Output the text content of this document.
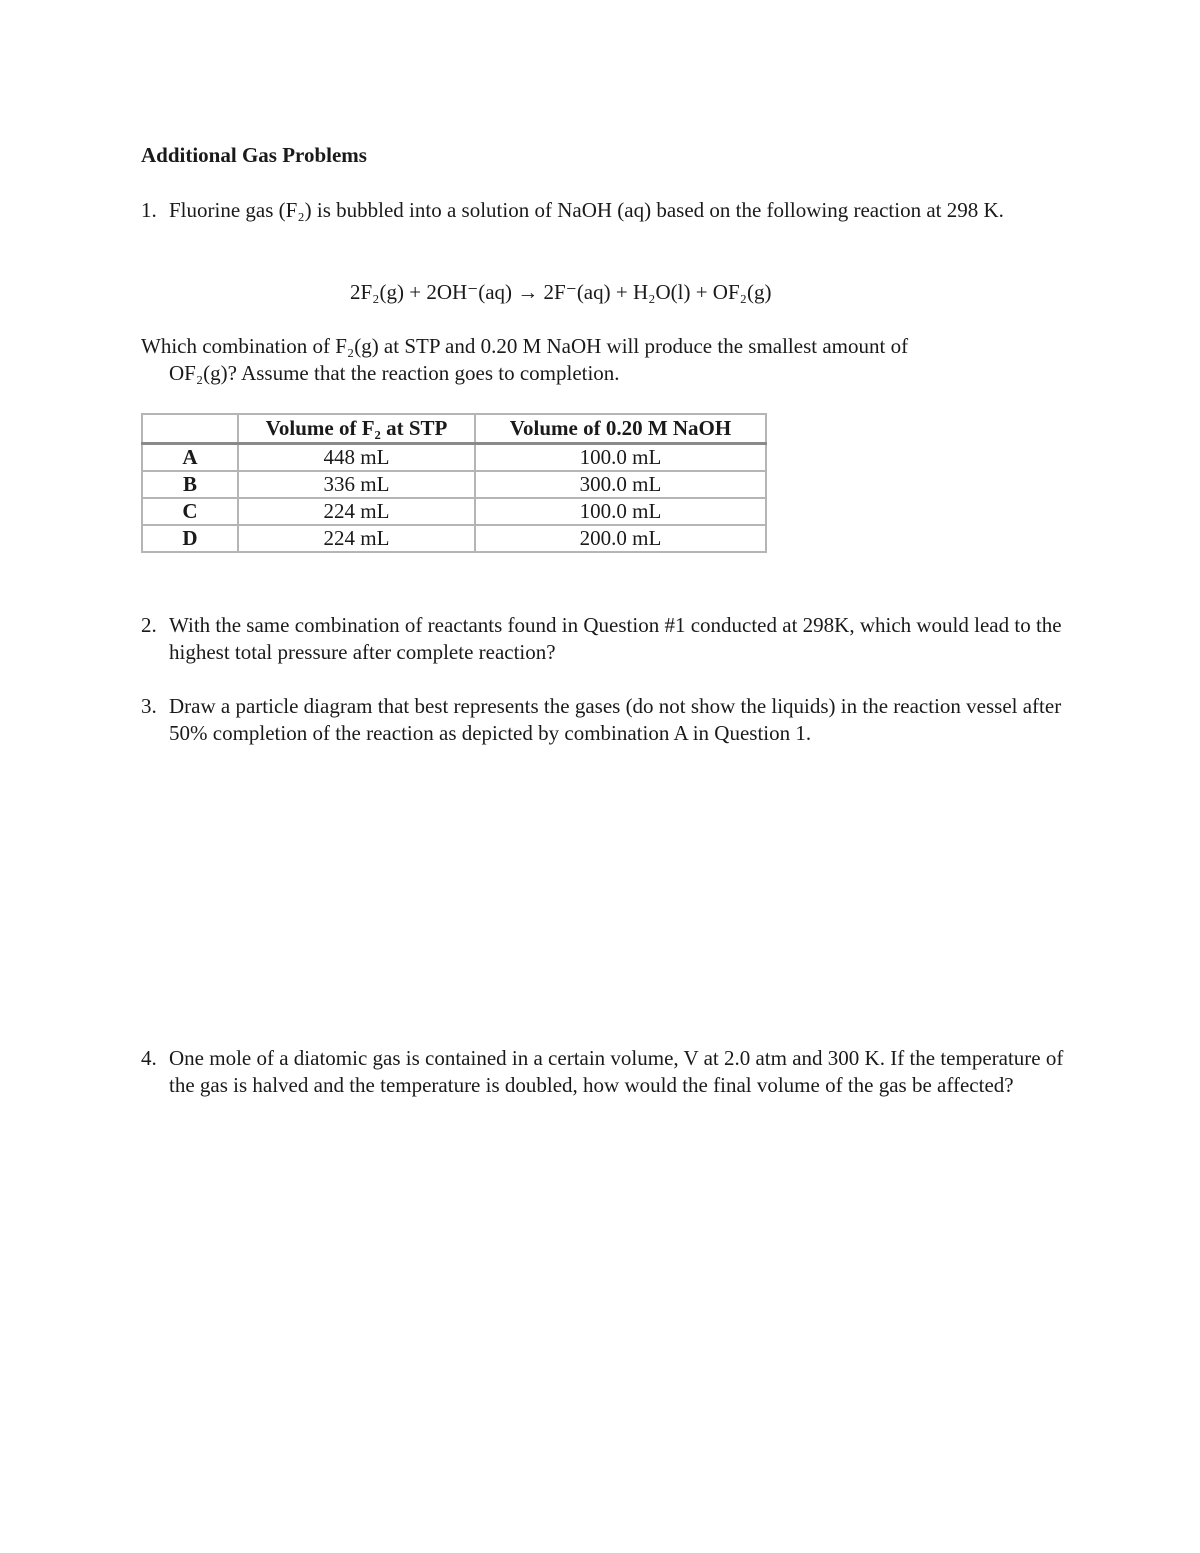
Additional Gas Problems
1. Fluorine gas (F₂) is bubbled into a solution of NaOH (aq) based on the following reaction at 298 K.
2F₂(g) + 2OH⁻(aq) → 2F⁻(aq) + H₂O(l) + OF₂(g)
Which combination of F₂(g) at STP and 0.20 M NaOH will produce the smallest amount of
OF₂(g)? Assume that the reaction goes to completion.
	Volume of F₂ at STP	Volume of 0.20 M NaOH
A	448 mL	100.0 mL
B	336 mL	300.0 mL
C	224 mL	100.0 mL
D	224 mL	200.0 mL
2. With the same combination of reactants found in Question #1 conducted at 298K, which would lead to the highest total pressure after complete reaction?
3. Draw a particle diagram that best represents the gases (do not show the liquids) in the reaction vessel after 50% completion of the reaction as depicted by combination A in Question 1.
4. One mole of a diatomic gas is contained in a certain volume, V at 2.0 atm and 300 K. If the temperature of the gas is halved and the temperature is doubled, how would the final volume of the gas be affected?
